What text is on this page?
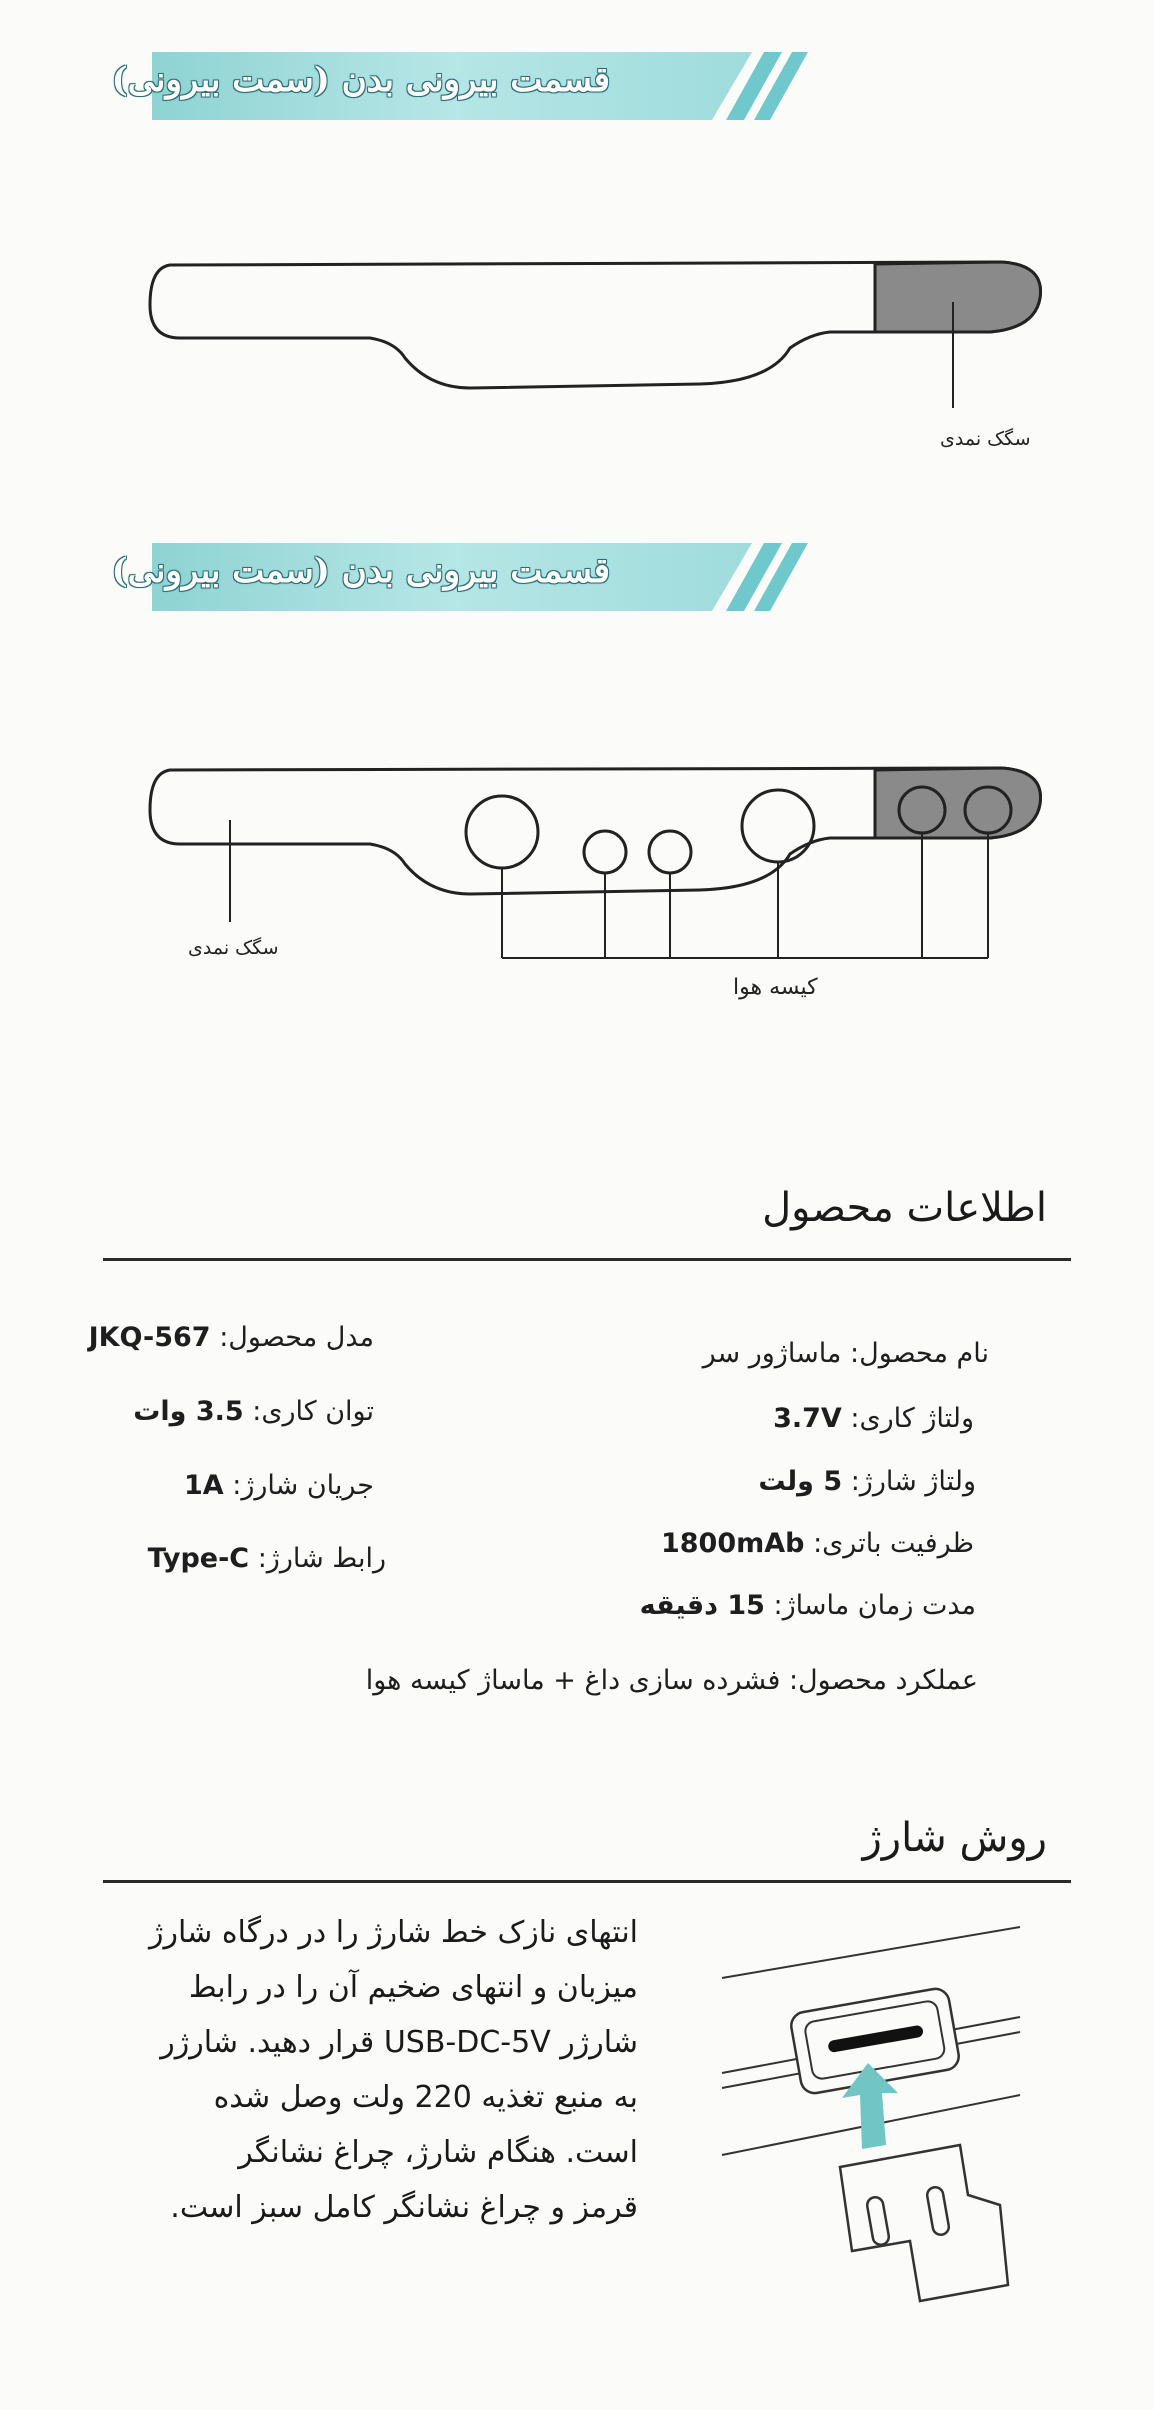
قسمت بیرونی بدن (سمت بیرونی)
سگک نمدی
قسمت بیرونی بدن (سمت بیرونی)
سگک نمدی
کیسه هوا
اطلاعات محصول
نام محصول: ماساژور سر
ولتاژ کاری: 3.7V
ولتاژ شارژ: 5 ولت
ظرفیت باتری: 1800mAb
مدت زمان ماساژ: 15 دقیقه
مدل محصول: JKQ-567
توان کاری: 3.5 وات
جریان شارژ: 1A
رابط شارژ: Type-C
عملکرد محصول: فشرده سازی داغ + ماساژ کیسه هوا
روش شارژ
انتهای نازک خط شارژ را در درگاه شارژ
میزبان و انتهای ضخیم آن را در رابط
شارژر USB-DC-5V قرار دهید. شارژر
به منبع تغذیه 220 ولت وصل شده
است. هنگام شارژ، چراغ نشانگر
قرمز و چراغ نشانگر کامل سبز است.
